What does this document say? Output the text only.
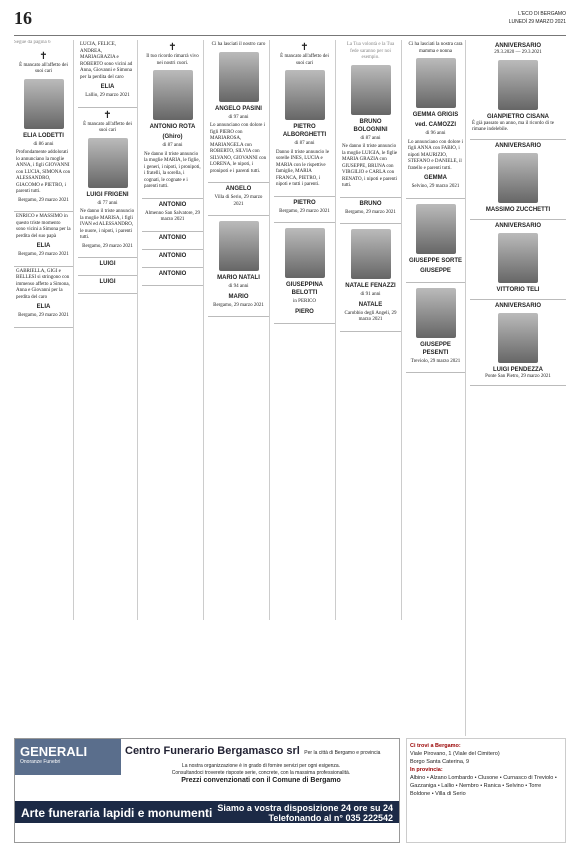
16	L'ECO DI BERGAMO
LUNEDÌ 29 MARZO 2021

Segue da pagina 6

✝

È mancato all'affetto dei suoi cari

ELIA LODETTI

di 86 anni

Profondamente addolorati lo annunciano la moglie ANNA, i figli GIOVANNI con LUCIA, SIMONA con ALESSANDRO, GIACOMO e PIETRO, i parenti tutti.

Bergamo, 29 marzo 2021

ENRICO e MASSIMO in questo triste momento sono vicini a Simona per la perdita del suo papà

ELIA

Bergamo, 29 marzo 2021

GABRIELLA, GIGI e BELLESI si stringono con immenso affetto a Simona, Anna e Giovanni per la perdita del caro

ELIA

Bergamo, 29 marzo 2021

LUCIA, FELICE, ANDREA, MARIAGRAZIA e ROBERTO sono vicini ad Anna, Giovanni e Simona per la perdita del caro

ELIA

Lallio, 29 marzo 2021

✝

È mancato all'affetto dei suoi cari

LUIGI FRIGENI

di 77 anni

Ne danno il triste annuncio la moglie MARISA, i figli IVAN ed ALESSANDRO, le nuore, i nipoti, i parenti tutti.

Bergamo, 29 marzo 2021

LUIGI

LUIGI

✝

Il tuo ricordo rimarrà vivo nei nostri cuori.

ANTONIO ROTA

(Ghiro)

di 87 anni

Ne danno il triste annuncio la moglie MARIA, le figlie, i generi, i nipoti, i pronipoti, i fratelli, la sorella, i cognati, le cognate e i parenti tutti.

ANTONIO

Almenno San Salvatore, 29 marzo 2021

ANTONIO

ANTONIO

ANTONIO

Ci ha lasciati il nostro caro

ANGELO PASINI

di 97 anni

Lo annunciano con dolore i figli PIERO con MARIAROSA, MARIANGELA con ROBERTO, SILVIA con SILVANO, GIOVANNI con LORENA, le nipoti, i pronipoti e i parenti tutti.

ANGELO

Villa di Serio, 29 marzo 2021

MARIO NATALI

di 94 anni

MARIO

Bergamo, 29 marzo 2021

✝

È mancato all'affetto dei suoi cari

PIETRO ALBORGHETTI

di 87 anni

Danno il triste annuncio le sorelle INES, LUCIA e MARIA con le rispettive famiglie, MARIA FRANCA, PIETRO, i nipoti e tutti i parenti.

PIETRO

Bergamo, 29 marzo 2021

GIUSEPPINA BELOTTI

in PERICO

PIERO

La Tua volontà e la Tua fede saranno per noi esempio.

BRUNO BOLOGNINI

di 87 anni

Ne danno il triste annuncio la moglie LUIGIA, le figlie MARIA GRAZIA con GIUSEPPE, BRUNA con VIRGILIO e CARLA con RENATO, i nipoti e parenti tutti.

BRUNO

Bergamo, 29 marzo 2021

NATALE FENAZZI

di 91 anni

NATALE

Carobbio degli Angeli, 29 marzo 2021

Ci ha lasciati la nostra cara mamma e nonna

GEMMA GRIGIS

ved. CAMOZZI

di 96 anni

Lo annunciano con dolore i figli ANNA con FABIO, i nipoti MAURIZIO, STEFANO e DANIELE, il fratello e parenti tutti.

GEMMA

Selvino, 29 marzo 2021

GIUSEPPE SORTE

GIUSEPPE

GIUSEPPE PESENTI

Treviolo, 29 marzo 2021

ANNIVERSARIO

29.3.2020 — 29.3.2021

GIANPIETRO CISANA

È già passato un anno, ma il ricordo di te rimane indelebile.

ANNIVERSARIO

MASSIMO ZUCCHETTI

ANNIVERSARIO

VITTORIO TELI

ANNIVERSARIO

LUIGI PENDEZZA

Ponte San Pietro, 29 marzo 2021

GENERALI
Onoranze Funebri
Centro Funerario Bergamasco srl Per la città di Bergamo e provincia

La nostra organizzazione è in grado di fornire servizi per ogni esigenza.

Consultandoci troverete risposte serie, concrete, con la massima professionalità.

Prezzi convenzionati con il Comune di Bergamo

Arte funeraria lapidi e monumenti Siamo a vostra disposizione 24 ore su 24
Telefonando al n° 035 222542
Ci trovi a Bergamo:

Viale Pirovano, 1 (Viale del Cimitero)

Borgo Santa Caterina, 9

In provincia:

Albino • Alzano Lombardo • Clusone • Curnasco di Treviolo • Gazzaniga • Lallio • Nembro • Ranica • Selvino • Torre Boldone • Villa di Serio
